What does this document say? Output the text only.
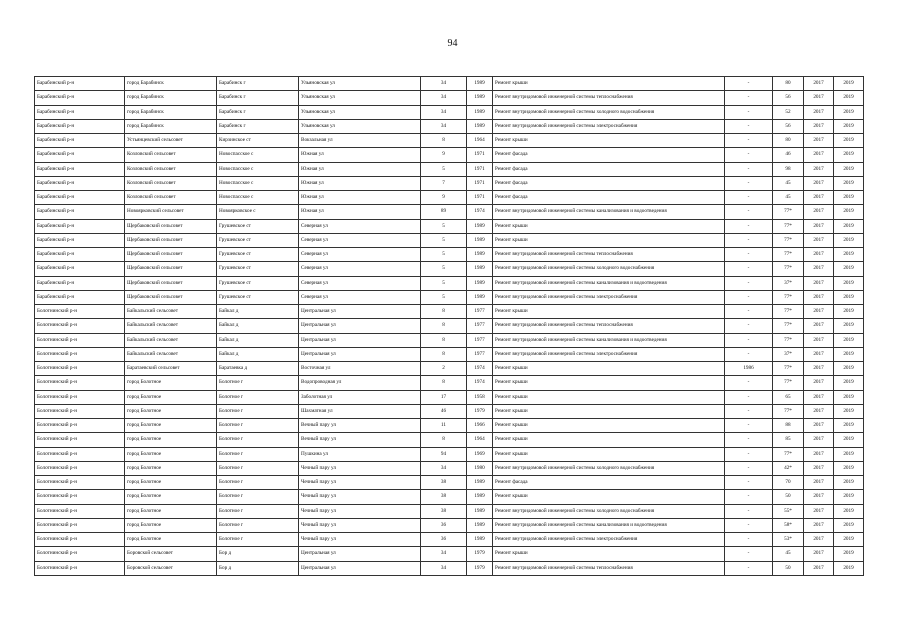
94
Барабинский р-н	город Барабинск	Барабинск г	Ульяновская ул	34	1989	Ремонт крыши	-	80	2017	2019
Барабинский р-н	город Барабинск	Барабинск г	Ульяновская ул	34	1989	Ремонт внутридомовой инженерной системы теплоснабжения	-	56	2017	2019
Барабинский р-н	город Барабинск	Барабинск г	Ульяновская ул	34	1989	Ремонт внутридомовой инженерной системы холодного водоснабжения	-	52	2017	2019
Барабинский р-н	город Барабинск	Барабинск г	Ульяновская ул	34	1989	Ремонт внутридомовой инженерной системы электроснабжения	-	56	2017	2019
Барабинский р-н	Устьянцевский сельсовет	Кирзинское ст	Вокзальная ул	8	1964	Ремонт крыши	-	80	2017	2019
Барабинский р-н	Козловский сельсовет	Новоспасское с	Южная ул	9	1971	Ремонт фасада	-	46	2017	2019
Барабинский р-н	Козловский сельсовет	Новоспасское с	Южная ул	5	1971	Ремонт фасада	-	98	2017	2019
Барабинский р-н	Козловский сельсовет	Новоспасское с	Южная ул	7	1971	Ремонт фасада	-	45	2017	2019
Барабинский р-н	Козловский сельсовет	Новоспасское с	Южная ул	9	1971	Ремонт фасада	-	45	2017	2019
Барабинский р-н	Новоярковский сельсовет	Новоярковское с	Южная ул	89	1974	Ремонт внутридомовой инженерной системы канализования и водоотведения	-	77*	2017	2019
Барабинский р-н	Щербаковский сельсовет	Грушевское ст	Северная ул	5	1989	Ремонт крыши	-	77*	2017	2019
Барабинский р-н	Щербаковский сельсовет	Грушевское ст	Северная ул	5	1989	Ремонт крыши	-	77*	2017	2019
Барабинский р-н	Щербаковский сельсовет	Грушевское ст	Северная ул	5	1989	Ремонт внутридомовой инженерной системы теплоснабжения	-	77*	2017	2019
Барабинский р-н	Щербаковский сельсовет	Грушевское ст	Северная ул	5	1989	Ремонт внутридомовой инженерной системы холодного водоснабжения	-	77*	2017	2019
Барабинский р-н	Щербаковский сельсовет	Грушевское ст	Северная ул	5	1989	Ремонт внутридомовой инженерной системы канализования и водоотведения	-	37*	2017	2019
Барабинский р-н	Щербаковский сельсовет	Грушевское ст	Северная ул	5	1989	Ремонт внутридомовой инженерной системы электроснабжения	-	77*	2017	2019
Болотнинский р-н	Байкальский сельсовет	Байкал д	Центральная ул	8	1977	Ремонт крыши	-	77*	2017	2019
Болотнинский р-н	Байкальский сельсовет	Байкал д	Центральная ул	8	1977	Ремонт внутридомовой инженерной системы теплоснабжения	-	77*	2017	2019
Болотнинский р-н	Байкальский сельсовет	Байкал д	Центральная ул	8	1977	Ремонт внутридомовой инженерной системы канализования и водоотведения	-	77*	2017	2019
Болотнинский р-н	Байкальский сельсовет	Байкал д	Центральная ул	8	1977	Ремонт внутридомовой инженерной системы электроснабжения	-	37*	2017	2019
Болотнинский р-н	Баратаевский сельсовет	Баратаевка д	Восточная ул	2	1974	Ремонт крыши	1986	77*	2017	2019
Болотнинский р-н	город Болотное	Болотное г	Водопроводная ул	8	1974	Ремонт крыши	-	77*	2017	2019
Болотнинский р-н	город Болотное	Болотное г	Заболотная ул	17	1958	Ремонт крыши	-	65	2017	2019
Болотнинский р-н	город Болотное	Болотное г	Шахматная ул	46	1979	Ремонт крыши	-	77*	2017	2019
Болотнинский р-н	город Болотное	Болотное г	Вечный пару ул	11	1966	Ремонт крыши	-	88	2017	2019
Болотнинский р-н	город Болотное	Болотное г	Вечный пару ул	8	1964	Ремонт крыши	-	85	2017	2019
Болотнинский р-н	город Болотное	Болотное г	Пушкина ул	94	1969	Ремонт крыши	-	77*	2017	2019
Болотнинский р-н	город Болотное	Болотное г	Чечный пару ул	34	1980	Ремонт внутридомовой инженерной системы холодного водоснабжения	-	42*	2017	2019
Болотнинский р-н	город Болотное	Болотное г	Чечный пару ул	38	1989	Ремонт фасада	-	70	2017	2019
Болотнинский р-н	город Болотное	Болотное г	Чечный пару ул	38	1989	Ремонт крыши	-	50	2017	2019
Болотнинский р-н	город Болотное	Болотное г	Чечный пару ул	38	1989	Ремонт внутридомовой инженерной системы холодного водоснабжения	-	55*	2017	2019
Болотнинский р-н	город Болотное	Болотное г	Чечный пару ул	36	1989	Ремонт внутридомовой инженерной системы канализования и водоотведения	-	58*	2017	2019
Болотнинский р-н	город Болотное	Болотное г	Чечный пару ул	36	1989	Ремонт внутридомовой инженерной системы электроснабжения	-	53*	2017	2019
Болотнинский р-н	Боровской сельсовет	Бор д	Центральная ул	34	1979	Ремонт крыши	-	45	2017	2019
Болотнинский р-н	Боровской сельсовет	Бор д	Центральная ул	34	1979	Ремонт внутридомовой инженерной системы теплоснабжения	-	50	2017	2019
